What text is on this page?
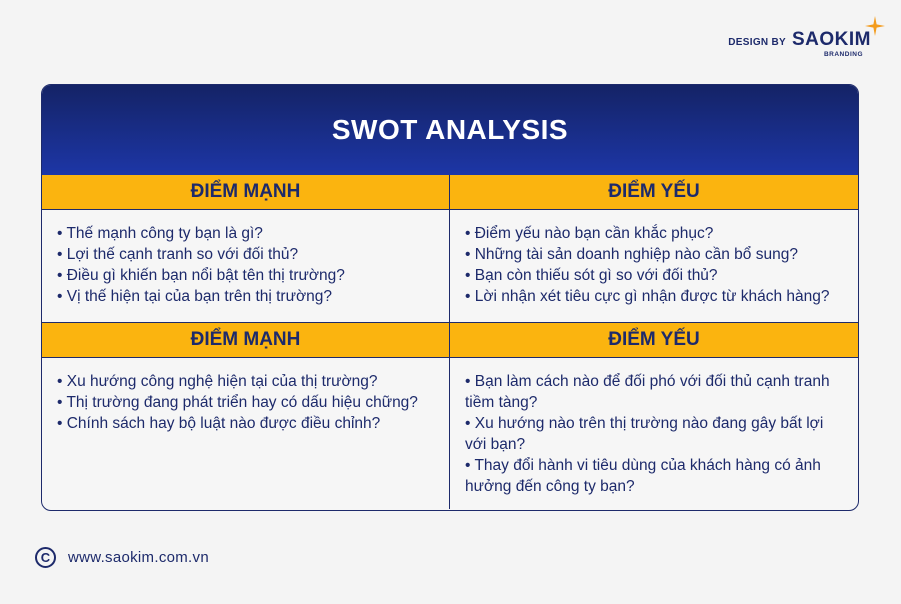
DESIGN BY SAOKIM
BRANDING
SWOT ANALYSIS
ĐIỂM MẠNH
• Thế mạnh công ty bạn là gì?
• Lợi thế cạnh tranh so với đối thủ?
• Điều gì khiến bạn nổi bật tên thị trường?
• Vị thế hiện tại của bạn trên thị trường?
ĐIỂM YẾU
• Điểm yếu nào bạn cần khắc phục?
• Những tài sản doanh nghiệp nào cần bổ sung?
• Bạn còn thiếu sót gì so với đối thủ?
• Lời nhận xét tiêu cực gì nhận được từ khách hàng?
ĐIỂM MẠNH
• Xu hướng công nghệ hiện tại của thị trường?
• Thị trường đang phát triển hay có dấu hiệu chững?
• Chính sách hay bộ luật nào được điều chỉnh?
ĐIỂM YẾU
• Bạn làm cách nào để đối phó với đối thủ cạnh tranh tiềm tàng?
• Xu hướng nào trên thị trường nào đang gây bất lợi với bạn?
• Thay đổi hành vi tiêu dùng của khách hàng có ảnh hưởng đến công ty bạn?
C	www.saokim.com.vn
